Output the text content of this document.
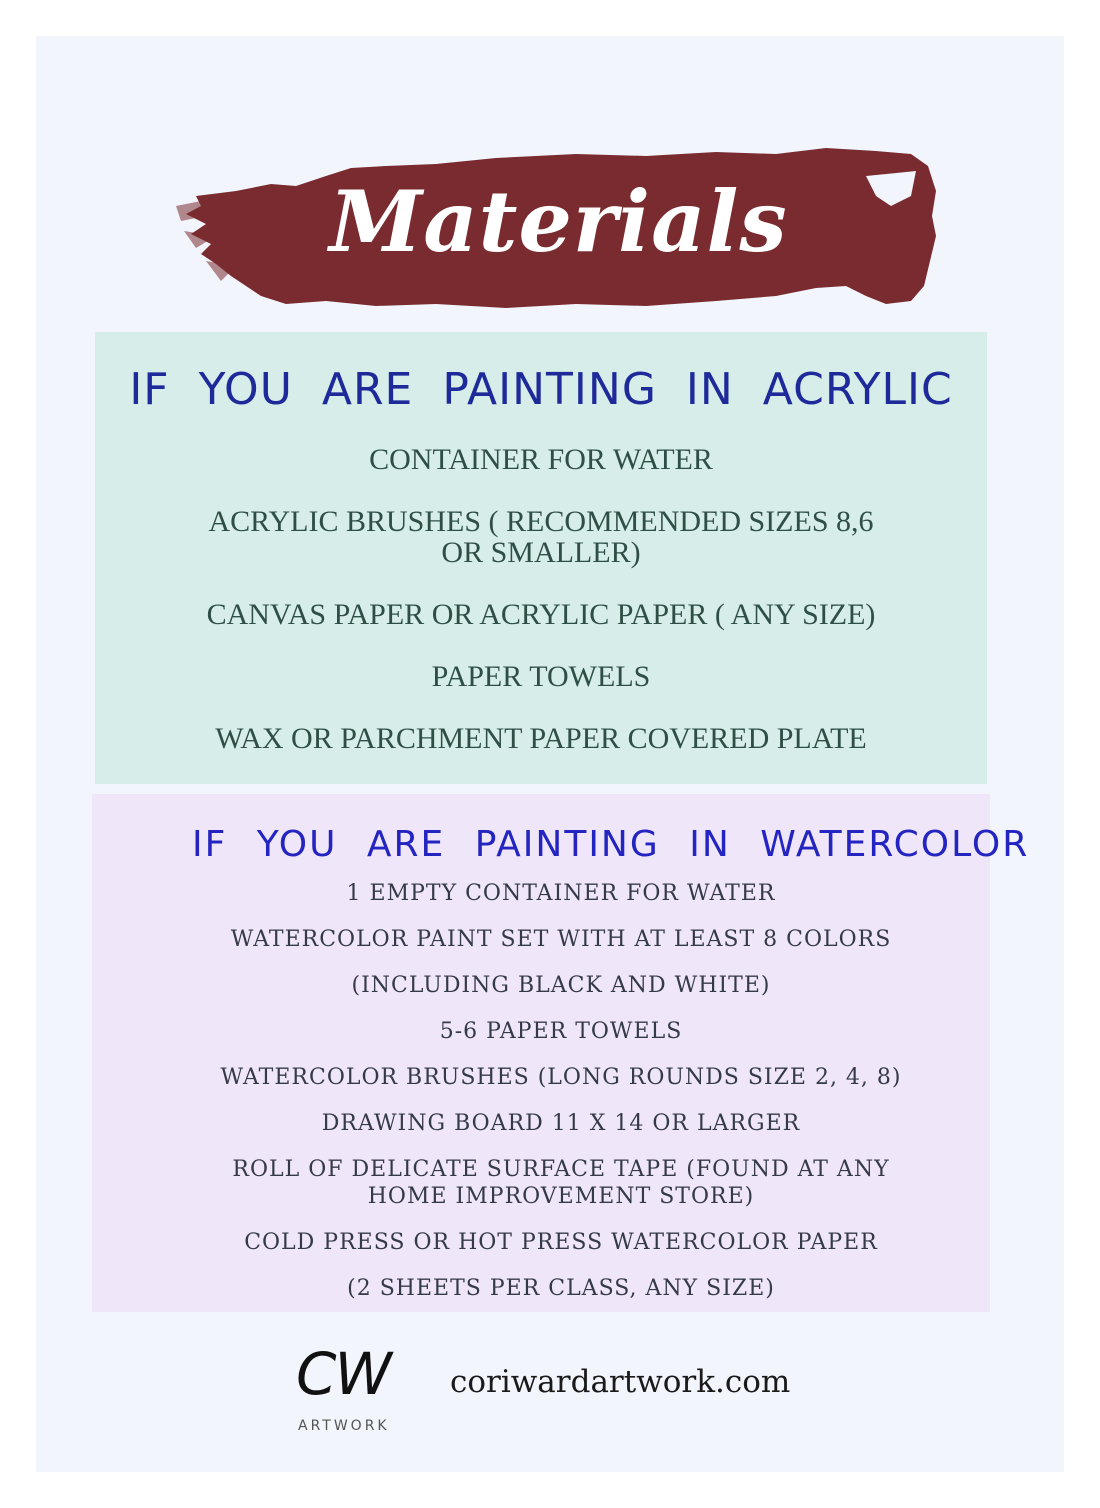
Materials
IF YOU ARE PAINTING IN ACRYLIC
CONTAINER FOR WATER
ACRYLIC BRUSHES ( RECOMMENDED SIZES 8,6 OR SMALLER)
CANVAS PAPER OR ACRYLIC PAPER ( ANY SIZE)
PAPER TOWELS
WAX OR PARCHMENT PAPER COVERED PLATE
IF YOU ARE PAINTING IN WATERCOLOR
1 EMPTY CONTAINER FOR WATER
WATERCOLOR PAINT SET WITH AT LEAST 8 COLORS
(INCLUDING BLACK AND WHITE)
5-6 PAPER TOWELS
WATERCOLOR BRUSHES (LONG ROUNDS SIZE 2, 4, 8)
DRAWING BOARD 11 X 14 OR LARGER
ROLL OF DELICATE SURFACE TAPE (FOUND AT ANY HOME IMPROVEMENT STORE)
COLD PRESS OR HOT PRESS WATERCOLOR PAPER
(2 SHEETS PER CLASS, ANY SIZE)
CW
ARTWORK
coriwardartwork.com
